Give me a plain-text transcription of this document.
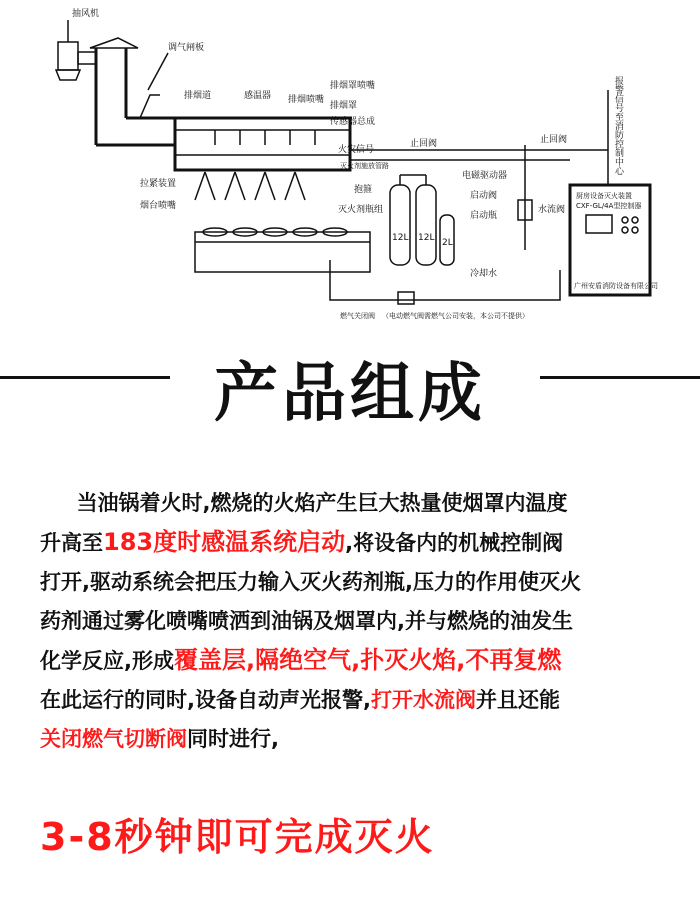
抽风机
调气闸板
排烟道	感温器 排烟喷嘴
排烟罩喷嘴
排烟罩
传感器总成
火灾信号
灭火剂施放管路
拉紧装置
烟台喷嘴
止回阀	止回阀
12L 12L 2L
抱箍
灭火剂瓶组
电磁驱动器
启动阀
启动瓶
水流阀
冷却水
厨房设备灭火装置
CXF-GL/4A型控制器
广州安盾消防设备有限公司
报警信号至消防控制中心
燃气关闭阀 （电动燃气阀需燃气公司安装，本公司不提供）
产品组成

当油锅着火时,燃烧的火焰产生巨大热量使烟罩内温度

升高至183度时感温系统启动,将设备内的机械控制阀

打开,驱动系统会把压力输入灭火药剂瓶,压力的作用使灭火

药剂通过雾化喷嘴喷洒到油锅及烟罩内,并与燃烧的油发生

化学反应,形成覆盖层,隔绝空气,扑灭火焰,不再复燃

在此运行的同时,设备自动声光报警,打开水流阀并且还能

关闭燃气切断阀同时进行,

3-8秒钟即可完成灭火
